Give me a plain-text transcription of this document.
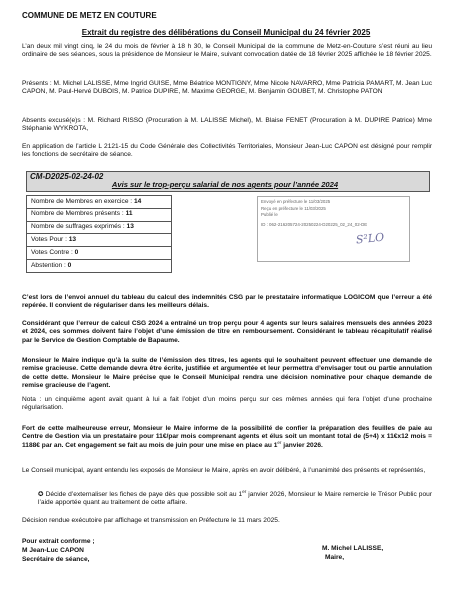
COMMUNE DE METZ EN COUTURE
Extrait du registre des délibérations du Conseil Municipal du 24 février 2025
L’an deux mil vingt cinq, le 24 du mois de février à 18 h 30, le Conseil Municipal de la commune de Metz-en-Couture s’est réuni au lieu ordinaire de ses séances, sous la présidence de Monsieur le Maire, suivant convocation datée de 18 février 2025 affichée le 18 février 2025.
Présents : M. Michel LALISSE, Mme Ingrid GUISE, Mme Béatrice MONTIGNY, Mme Nicole NAVARRO, Mme Patricia PAMART, M. Jean Luc CAPON, M. Paul-Hervé DUBOIS, M. Patrice DUPIRE, M. Maxime GEORGE, M. Benjamin GOUBET, M. Christophe PATON
Absents excusé(e)s : M. Richard RISSO (Procuration à M. LALISSE Michel), M. Blaise FENET (Procuration à M. DUPIRE Patrice) Mme Stéphanie WYKROTA,
En application de l’article L 2121-15 du Code Générale des Collectivités Territoriales, Monsieur Jean-Luc CAPON est désigné pour remplir les fonctions de secrétaire de séance.
CM-D2025-02-24-02
Avis sur le trop-perçu salarial de nos agents pour l’année 2024
Nombre de Membres en exercice : 14
Nombre de Membres présents : 11
Nombre de suffrages exprimés : 13
Votes Pour : 13
Votes Contre : 0
Abstention : 0
Envoyé en préfecture le 11/03/2025
Reçu en préfecture le 11/03/2025
Publié le
ID : 062-216205724-20250224-D20225_02_24_02-DE
S²LO
C’est lors de l’envoi annuel du tableau du calcul des indemnités CSG par le prestataire informatique LOGICOM que l’erreur a été repérée. Il convient de régulariser dans les meilleurs délais.
Considérant que l’erreur de calcul CSG 2024 a entraîné un trop perçu pour 4 agents sur leurs salaires mensuels des années 2023 et 2024, ces sommes doivent faire l’objet d’une émission de titre en remboursement. Considérant le tableau récapitulatif réalisé par le Service de Gestion Comptable de Bapaume.
Monsieur le Maire indique qu’à la suite de l’émission des titres, les agents qui le souhaitent peuvent effectuer une demande de remise gracieuse. Cette demande devra être écrite, justifiée et argumentée et leur permettra d’envisager tout ou partie annulation de cette dette. Monsieur le Maire précise que le Conseil Municipal rendra une décision nominative pour chaque demande de remise gracieuse de l’agent.
Nota : un cinquième agent avait quant à lui a fait l’objet d’un moins perçu sur ces mêmes années qui fera l’objet d’une prochaine régularisation.
Fort de cette malheureuse erreur, Monsieur le Maire informe de la possibilité de confier la préparation des feuilles de paie au Centre de Gestion via un prestataire pour 11€/par mois comprenant agents et élus soit un montant total de (5+4) x 11€x12 mois = 1188€ par an. Cet engagement se fait au mois de juin pour une mise en place au 1er janvier 2026.
Le Conseil municipal, ayant entendu les exposés de Monsieur le Maire, après en avoir délibéré, à l’unanimité des présents et représentés,
✪ Décide d’externaliser les fiches de paye dès que possible soit au 1er janvier 2026, Monsieur le Maire remercie le Trésor Public pour l’aide apportée quant au traitement de cette affaire.
Décision rendue exécutoire par affichage et transmission en Préfecture le 11 mars 2025.
Pour extrait conforme ;
M Jean-Luc CAPON
Secrétaire de séance,
M. Michel LALISSE,
Maire,
